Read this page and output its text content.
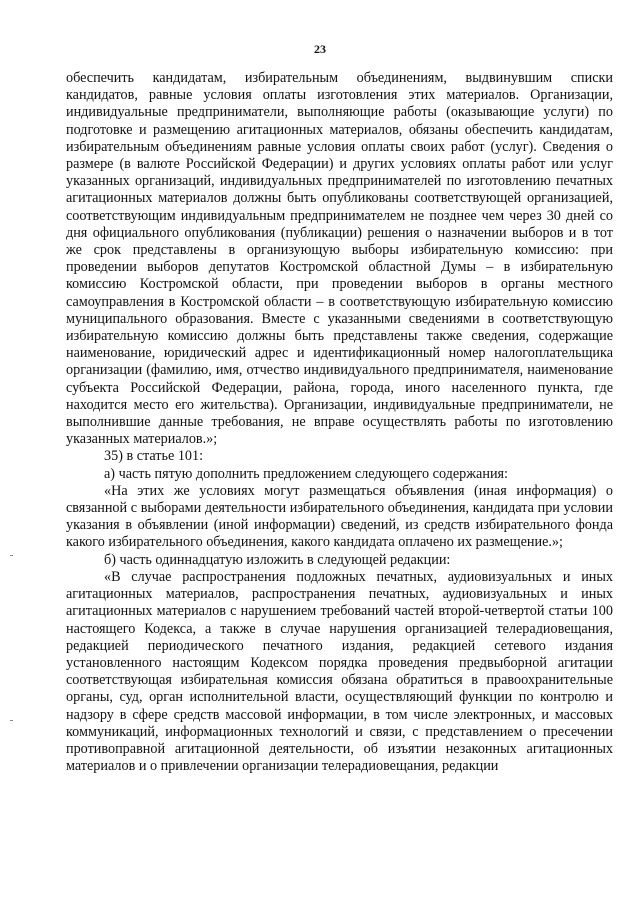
23

обеспечить кандидатам, избирательным объединениям, выдвинувшим списки кандидатов, равные условия оплаты изготовления этих материалов. Организации, индивидуальные предприниматели, выполняющие работы (оказывающие услуги) по подготовке и размещению агитационных материалов, обязаны обеспечить кандидатам, избирательным объединениям равные условия оплаты своих работ (услуг). Сведения о размере (в валюте Российской Федерации) и других условиях оплаты работ или услуг указанных организаций, индивидуальных предпринимателей по изготовлению печатных агитационных материалов должны быть опубликованы соответствующей организацией, соответствующим индивидуальным предпринимателем не позднее чем через 30 дней со дня официального опубликования (публикации) решения о назначении выборов и в тот же срок представлены в организующую выборы избирательную комиссию: при проведении выборов депутатов Костромской областной Думы – в избирательную комиссию Костромской области, при проведении выборов в органы местного самоуправления в Костромской области – в соответствующую избирательную комиссию муниципального образования. Вместе с указанными сведениями в соответствующую избирательную комиссию должны быть представлены также сведения, содержащие наименование, юридический адрес и идентификационный номер налогоплательщика организации (фамилию, имя, отчество индивидуального предпринимателя, наименование субъекта Российской Федерации, района, города, иного населенного пункта, где находится место его жительства). Организации, индивидуальные предприниматели, не выполнившие данные требования, не вправе осуществлять работы по изготовлению указанных материалов.»;

35) в статье 101:

а) часть пятую дополнить предложением следующего содержания:

«На этих же условиях могут размещаться объявления (иная информация) о связанной с выборами деятельности избирательного объединения, кандидата при условии указания в объявлении (иной информации) сведений, из средств избирательного фонда какого избирательного объединения, какого кандидата оплачено их размещение.»;

б) часть одиннадцатую изложить в следующей редакции:

«В случае распространения подложных печатных, аудиовизуальных и иных агитационных материалов, распространения печатных, аудиовизуальных и иных агитационных материалов с нарушением требований частей второй-четвертой статьи 100 настоящего Кодекса, а также в случае нарушения организацией телерадиовещания, редакцией периодического печатного издания, редакцией сетевого издания установленного настоящим Кодексом порядка проведения предвыборной агитации соответствующая избирательная комиссия обязана обратиться в правоохранительные органы, суд, орган исполнительной власти, осуществляющий функции по контролю и надзору в сфере средств массовой информации, в том числе электронных, и массовых коммуникаций, информационных технологий и связи, с представлением о пресечении противоправной агитационной деятельности, об изъятии незаконных агитационных материалов и о привлечении организации телерадиовещания, редакции
